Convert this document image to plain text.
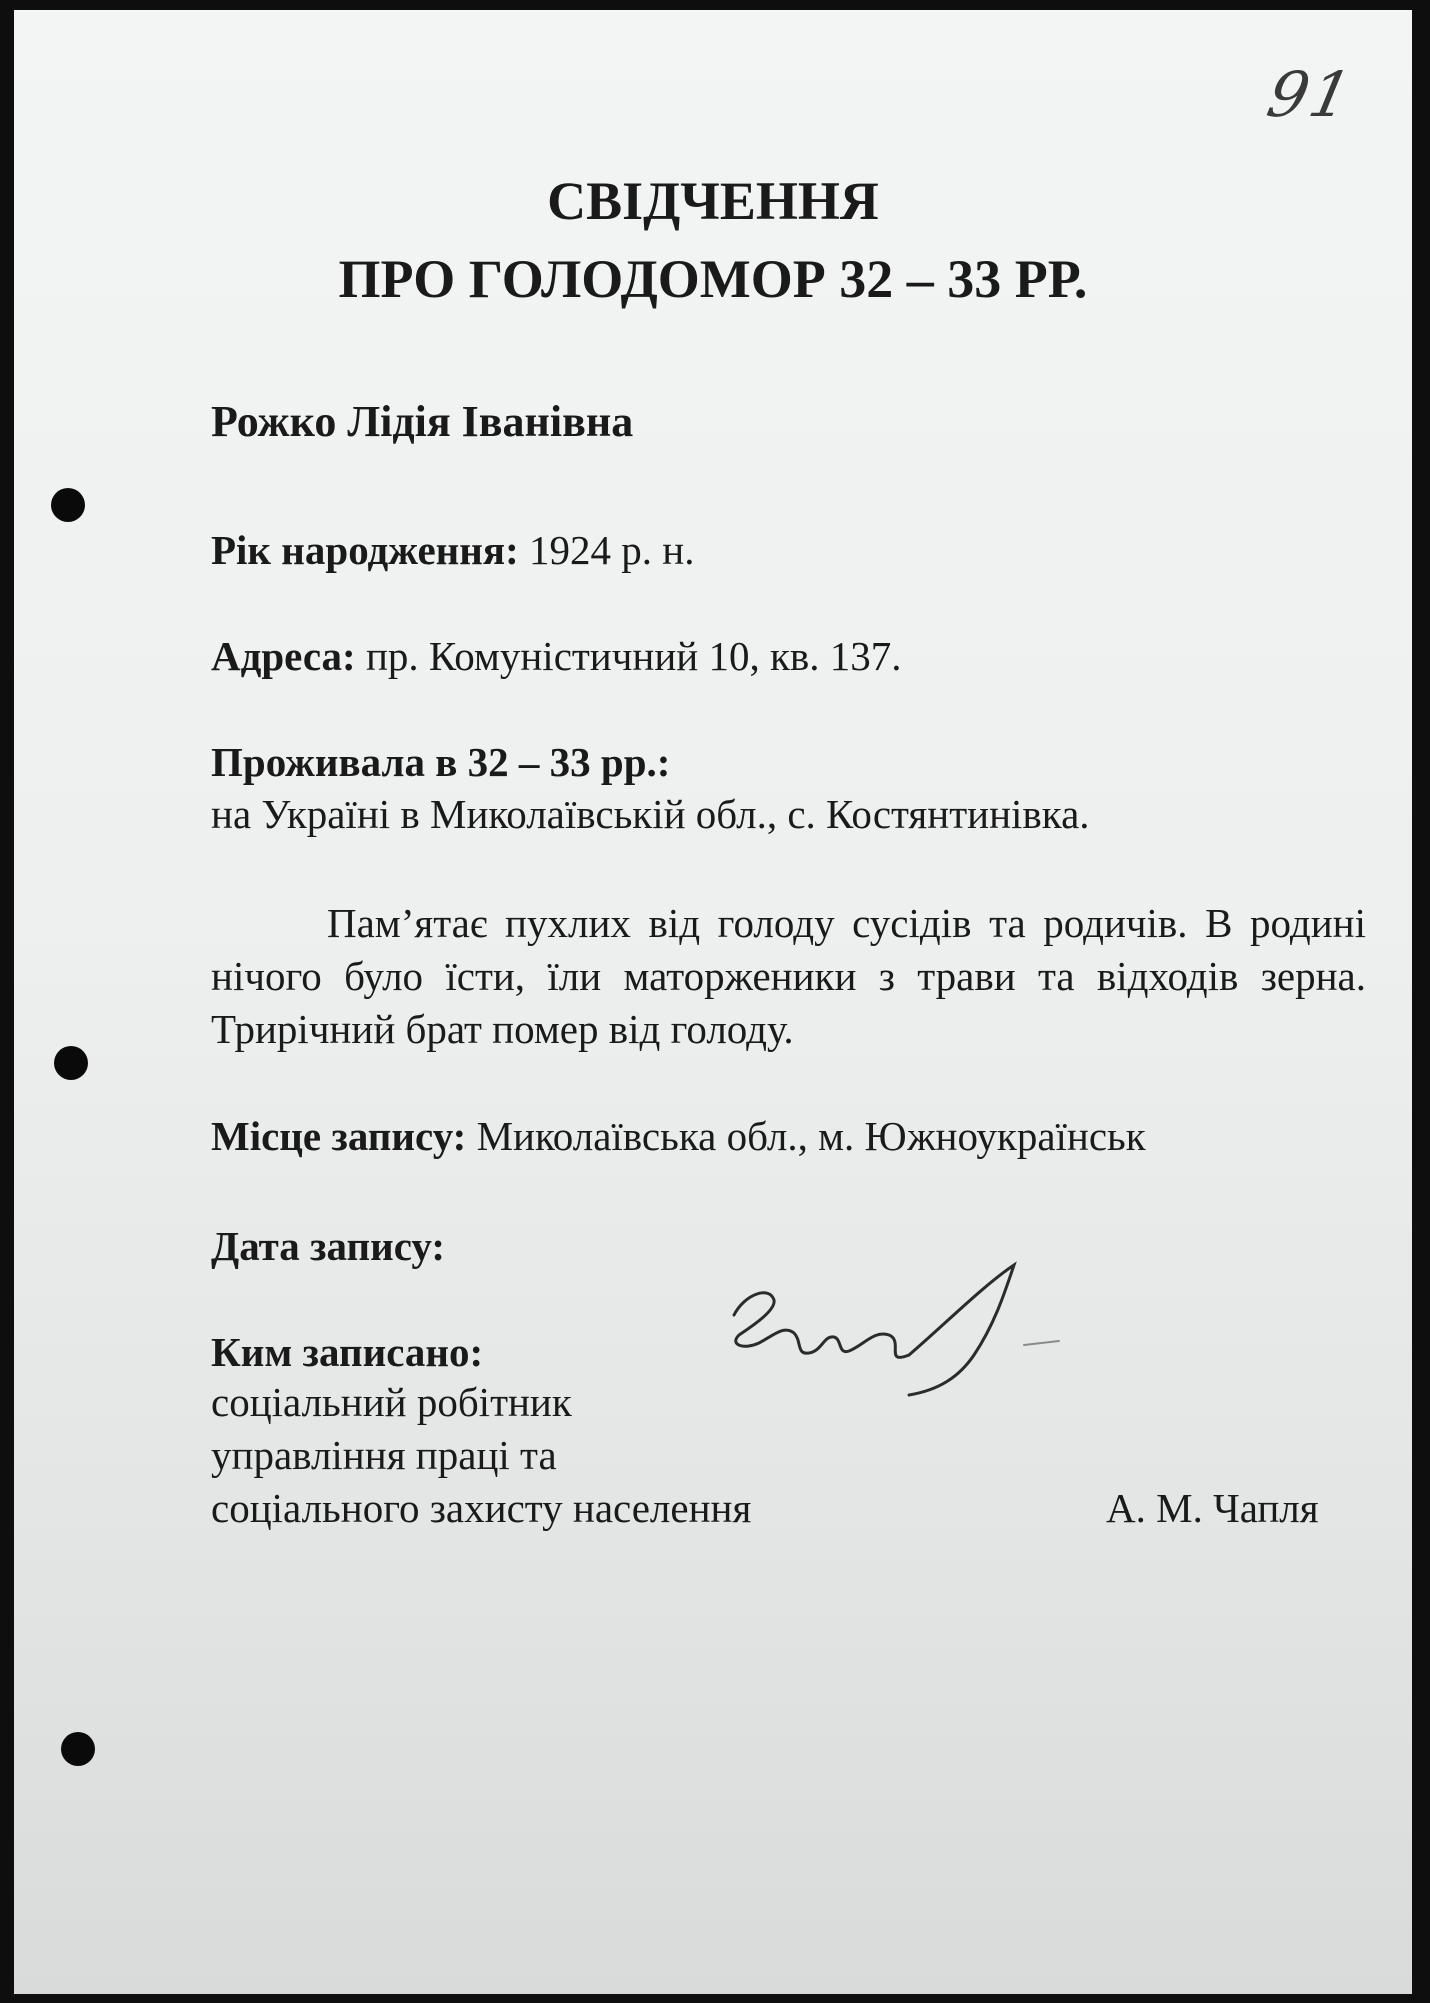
91
СВІДЧЕННЯ
ПРО ГОЛОДОМОР 32 – 33 РР.
Рожко Лідія Іванівна
Рік народження: 1924 р. н.
Адреса: пр. Комуністичний 10, кв. 137.
Проживала в 32 – 33 рр.:
на Україні в Миколаївській обл., с. Костянтинівка.
Пам’ятає пухлих від голоду сусідів та родичів. В родині нічого було їсти, їли маторженики з трави та відходів зерна. Трирічний брат помер від голоду.
Місце запису: Миколаївська обл., м. Южноукраїнськ
Дата запису:
Ким записано:
соціальний робітник
управління праці та
соціального захисту населення	А. М. Чапля
